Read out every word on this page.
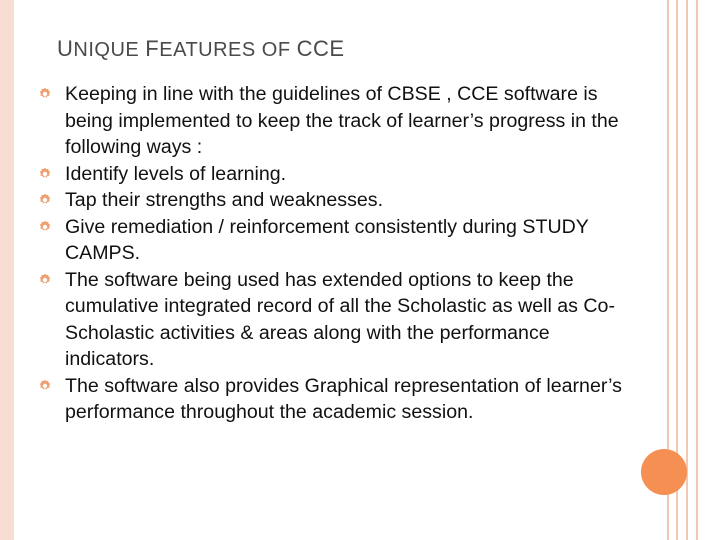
UNIQUE FEATURES OF CCE
Keeping in line with the guidelines of CBSE , CCE software is being implemented to keep the track of learner’s progress in the following ways :
Identify levels of learning.
Tap their strengths and weaknesses.
Give remediation / reinforcement consistently during STUDY CAMPS.
The software being used has extended options to keep the cumulative integrated record of all the Scholastic as well as Co-Scholastic activities & areas along with the performance indicators.
The software also provides Graphical representation of learner’s performance throughout the academic session.
